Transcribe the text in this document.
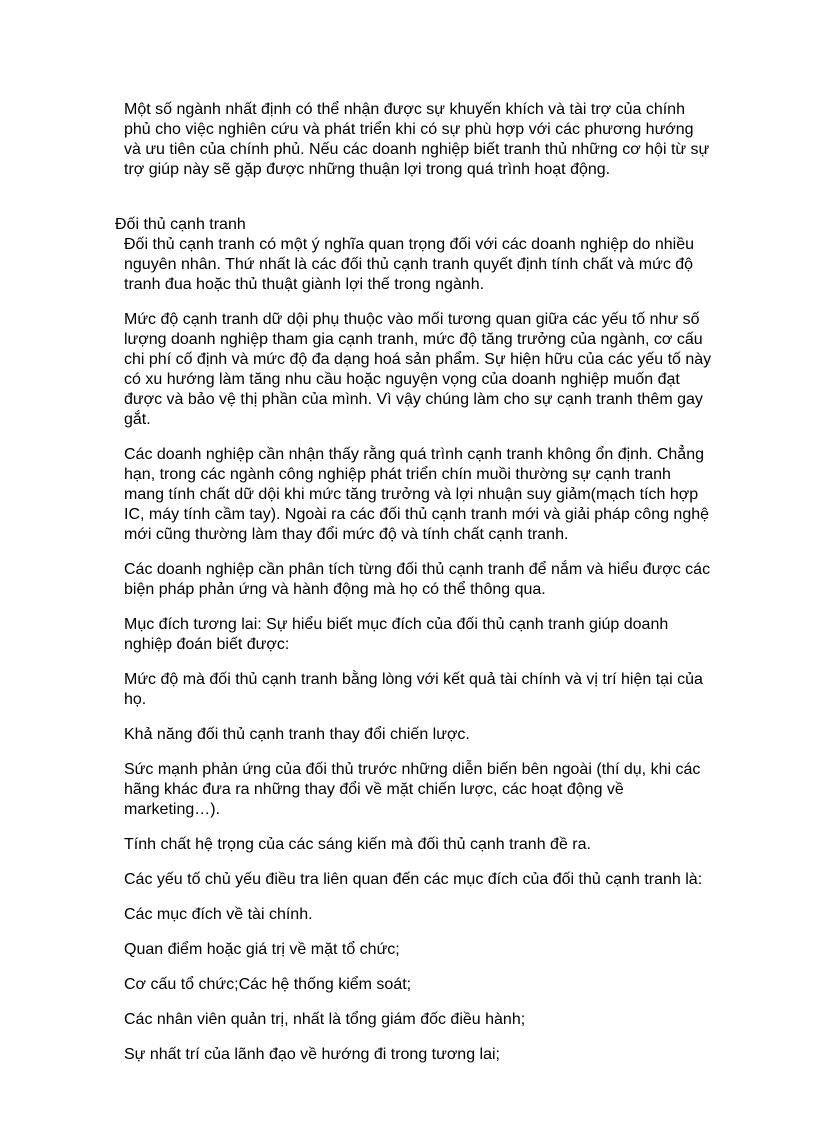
Một số ngành nhất định có thể nhận được sự khuyến khích và tài trợ của chính phủ cho việc nghiên cứu và phát triển khi có sự phù hợp với các phương hướng và ưu tiên của chính phủ. Nếu các doanh nghiệp biết tranh thủ những cơ hội từ sự trợ giúp này sẽ gặp được những thuận lợi trong quá trình hoạt động.

Đối thủ cạnh tranh

Đối thủ cạnh tranh có một ý nghĩa quan trọng đối với các doanh nghiệp do nhiều nguyên nhân. Thứ nhất là các đối thủ cạnh tranh quyết định tính chất và mức độ tranh đua hoặc thủ thuật giành lợi thế trong ngành.

Mức độ cạnh tranh dữ dội phụ thuộc vào mối tương quan giữa các yếu tố như số lượng doanh nghiệp tham gia cạnh tranh, mức độ tăng trưởng của ngành, cơ cấu chi phí cố định và mức độ đa dạng hoá sản phẩm. Sự hiện hữu của các yếu tố này có xu hướng làm tăng nhu cầu hoặc nguyện vọng của doanh nghiệp muốn đạt được và bảo vệ thị phần của mình. Vì vậy chúng làm cho sự cạnh tranh thêm gay gắt.

Các doanh nghiệp cần nhận thấy rằng quá trình cạnh tranh không ổn định. Chẳng hạn, trong các ngành công nghiệp phát triển chín muồi thường sự cạnh tranh mang tính chất dữ dội khi mức tăng trưởng và lợi nhuận suy giảm(mạch tích hợp IC, máy tính cầm tay). Ngoài ra các đối thủ cạnh tranh mới và giải pháp công nghệ mới cũng thường làm thay đổi mức độ và tính chất cạnh tranh.

Các doanh nghiệp cần phân tích từng đối thủ cạnh tranh để nắm và hiểu được các biện pháp phản ứng và hành động mà họ có thể thông qua.

Mục đích tương lai: Sự hiểu biết mục đích của đối thủ cạnh tranh giúp doanh nghiệp đoán biết được:

Mức độ mà đối thủ cạnh tranh bằng lòng với kết quả tài chính và vị trí hiện tại của họ.

Khả năng đối thủ cạnh tranh thay đổi chiến lược.

Sức mạnh phản ứng của đối thủ trước những diễn biến bên ngoài (thí dụ, khi các hãng khác đưa ra những thay đổi về mặt chiến lược, các hoạt động về marketing…).

Tính chất hệ trọng của các sáng kiến mà đối thủ cạnh tranh đề ra.

Các yếu tố chủ yếu điều tra liên quan đến các mục đích của đối thủ cạnh tranh là:

Các mục đích về tài chính.

Quan điểm hoặc giá trị về mặt tổ chức;

Cơ cấu tổ chức;Các hệ thống kiểm soát;

Các nhân viên quản trị, nhất là tổng giám đốc điều hành;

Sự nhất trí của lãnh đạo về hướng đi trong tương lai;
